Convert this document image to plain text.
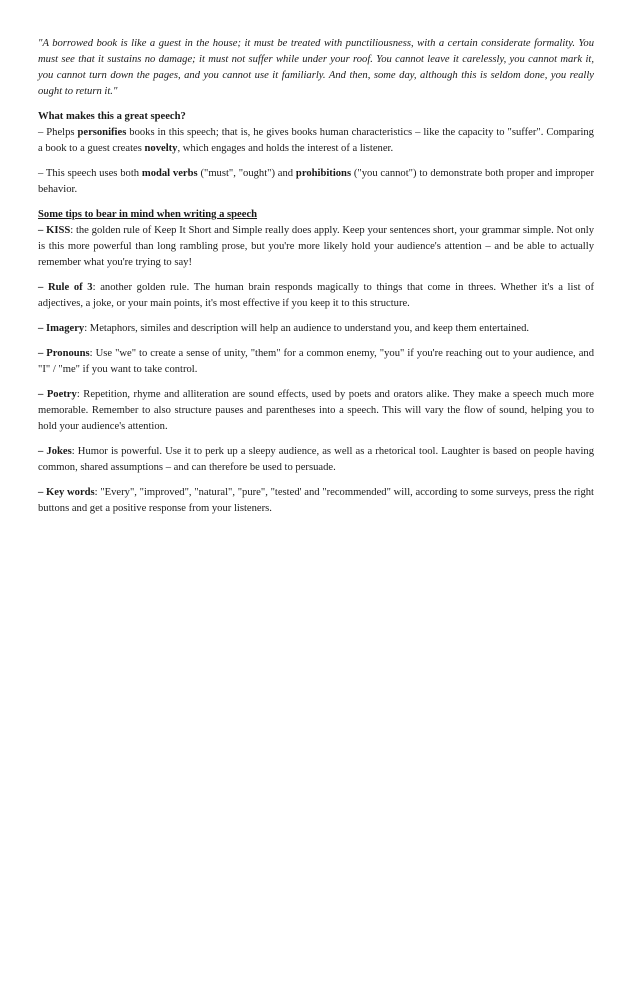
"A borrowed book is like a guest in the house; it must be treated with punctiliousness, with a certain considerate formality. You must see that it sustains no damage; it must not suffer while under your roof. You cannot leave it carelessly, you cannot mark it, you cannot turn down the pages, and you cannot use it familiarly. And then, some day, although this is seldom done, you really ought to return it."

What makes this a great speech?

– Phelps personifies books in this speech; that is, he gives books human characteristics – like the capacity to "suffer". Comparing a book to a guest creates novelty, which engages and holds the interest of a listener.

– This speech uses both modal verbs ("must", "ought") and prohibitions ("you cannot") to demonstrate both proper and improper behavior.

Some tips to bear in mind when writing a speech

– KISS: the golden rule of Keep It Short and Simple really does apply. Keep your sentences short, your grammar simple. Not only is this more powerful than long rambling prose, but you're more likely hold your audience's attention – and be able to actually remember what you're trying to say!

– Rule of 3: another golden rule. The human brain responds magically to things that come in threes. Whether it's a list of adjectives, a joke, or your main points, it's most effective if you keep it to this structure.

– Imagery: Metaphors, similes and description will help an audience to understand you, and keep them entertained.

– Pronouns: Use "we" to create a sense of unity, "them" for a common enemy, "you" if you're reaching out to your audience, and "I" / "me" if you want to take control.

– Poetry: Repetition, rhyme and alliteration are sound effects, used by poets and orators alike. They make a speech much more memorable. Remember to also structure pauses and parentheses into a speech. This will vary the flow of sound, helping you to hold your audience's attention.

– Jokes: Humor is powerful. Use it to perk up a sleepy audience, as well as a rhetorical tool. Laughter is based on people having common, shared assumptions – and can therefore be used to persuade.

– Key words: "Every", "improved", "natural", "pure", "tested' and "recommended" will, according to some surveys, press the right buttons and get a positive response from your listeners.
